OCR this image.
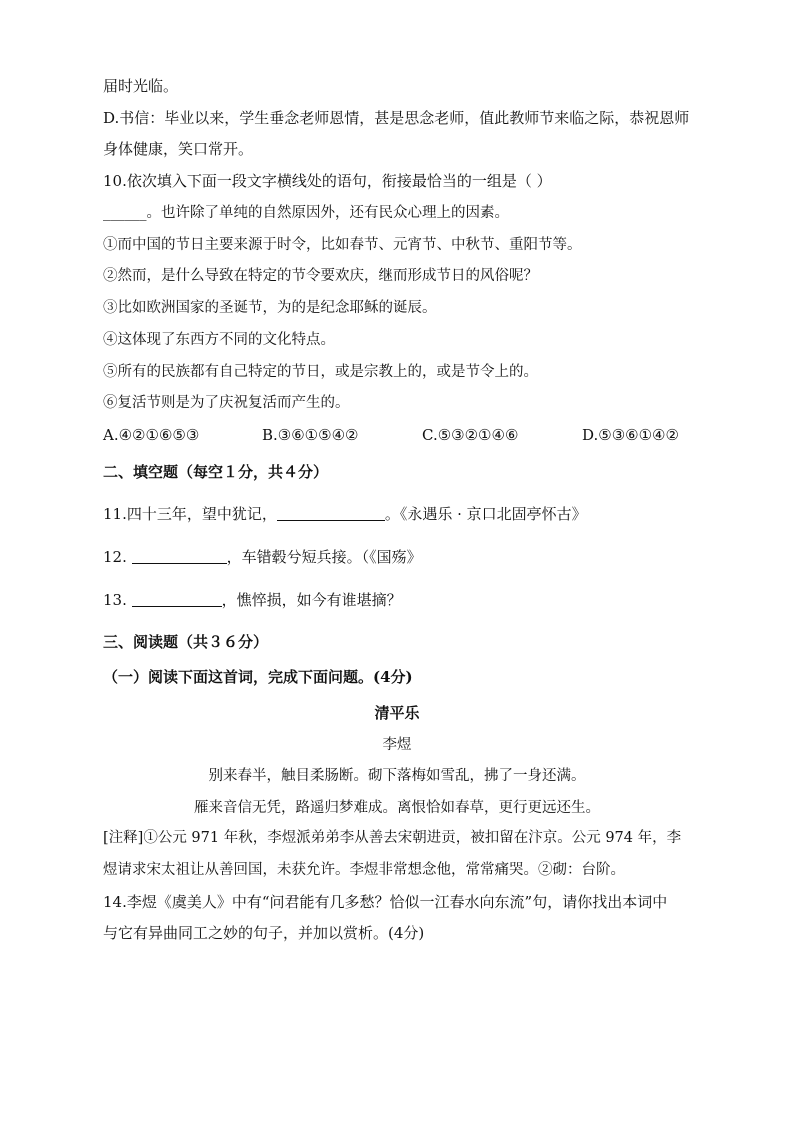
届时光临。
D.书信：毕业以来，学生垂念老师恩情，甚是思念老师，值此教师节来临之际，恭祝恩师
身体健康，笑口常开。
10.依次填入下面一段文字横线处的语句，衔接最恰当的一组是（ ）
______。也许除了单纯的自然原因外，还有民众心理上的因素。
①而中国的节日主要来源于时令，比如春节、元宵节、中秋节、重阳节等。
②然而，是什么导致在特定的节令要欢庆，继而形成节日的风俗呢？
③比如欧洲国家的圣诞节，为的是纪念耶稣的诞辰。
④这体现了东西方不同的文化特点。
⑤所有的民族都有自己特定的节日，或是宗教上的，或是节令上的。
⑥复活节则是为了庆祝复活而产生的。
A.④②①⑥⑤③	B.③⑥①⑤④②	C.⑤③②①④⑥	D.⑤③⑥①④②
二、填空题（每空１分，共４分）
11.四十三年，望中犹记，	。《永遇乐 · 京口北固亭怀古》
12.	，车错毂兮短兵接。（《国殇》
13.	，憔悴损，如今有谁堪摘？
三、阅读题（共３６分）
（一）阅读下面这首词，完成下面问题。(4分)
清平乐
李煜
别来春半，触目柔肠断。砌下落梅如雪乱，拂了一身还满。
雁来音信无凭，路遥归梦难成。离恨恰如春草，更行更远还生。
[注释]①公元 971 年秋，李煜派弟弟李从善去宋朝进贡，被扣留在汴京。公元 974 年，李
煜请求宋太祖让从善回国，未获允许。李煜非常想念他，常常痛哭。②砌：台阶。
14.李煜《虞美人》中有“问君能有几多愁？恰似一江春水向东流”句，请你找出本词中
与它有异曲同工之妙的句子，并加以赏析。(4分)
